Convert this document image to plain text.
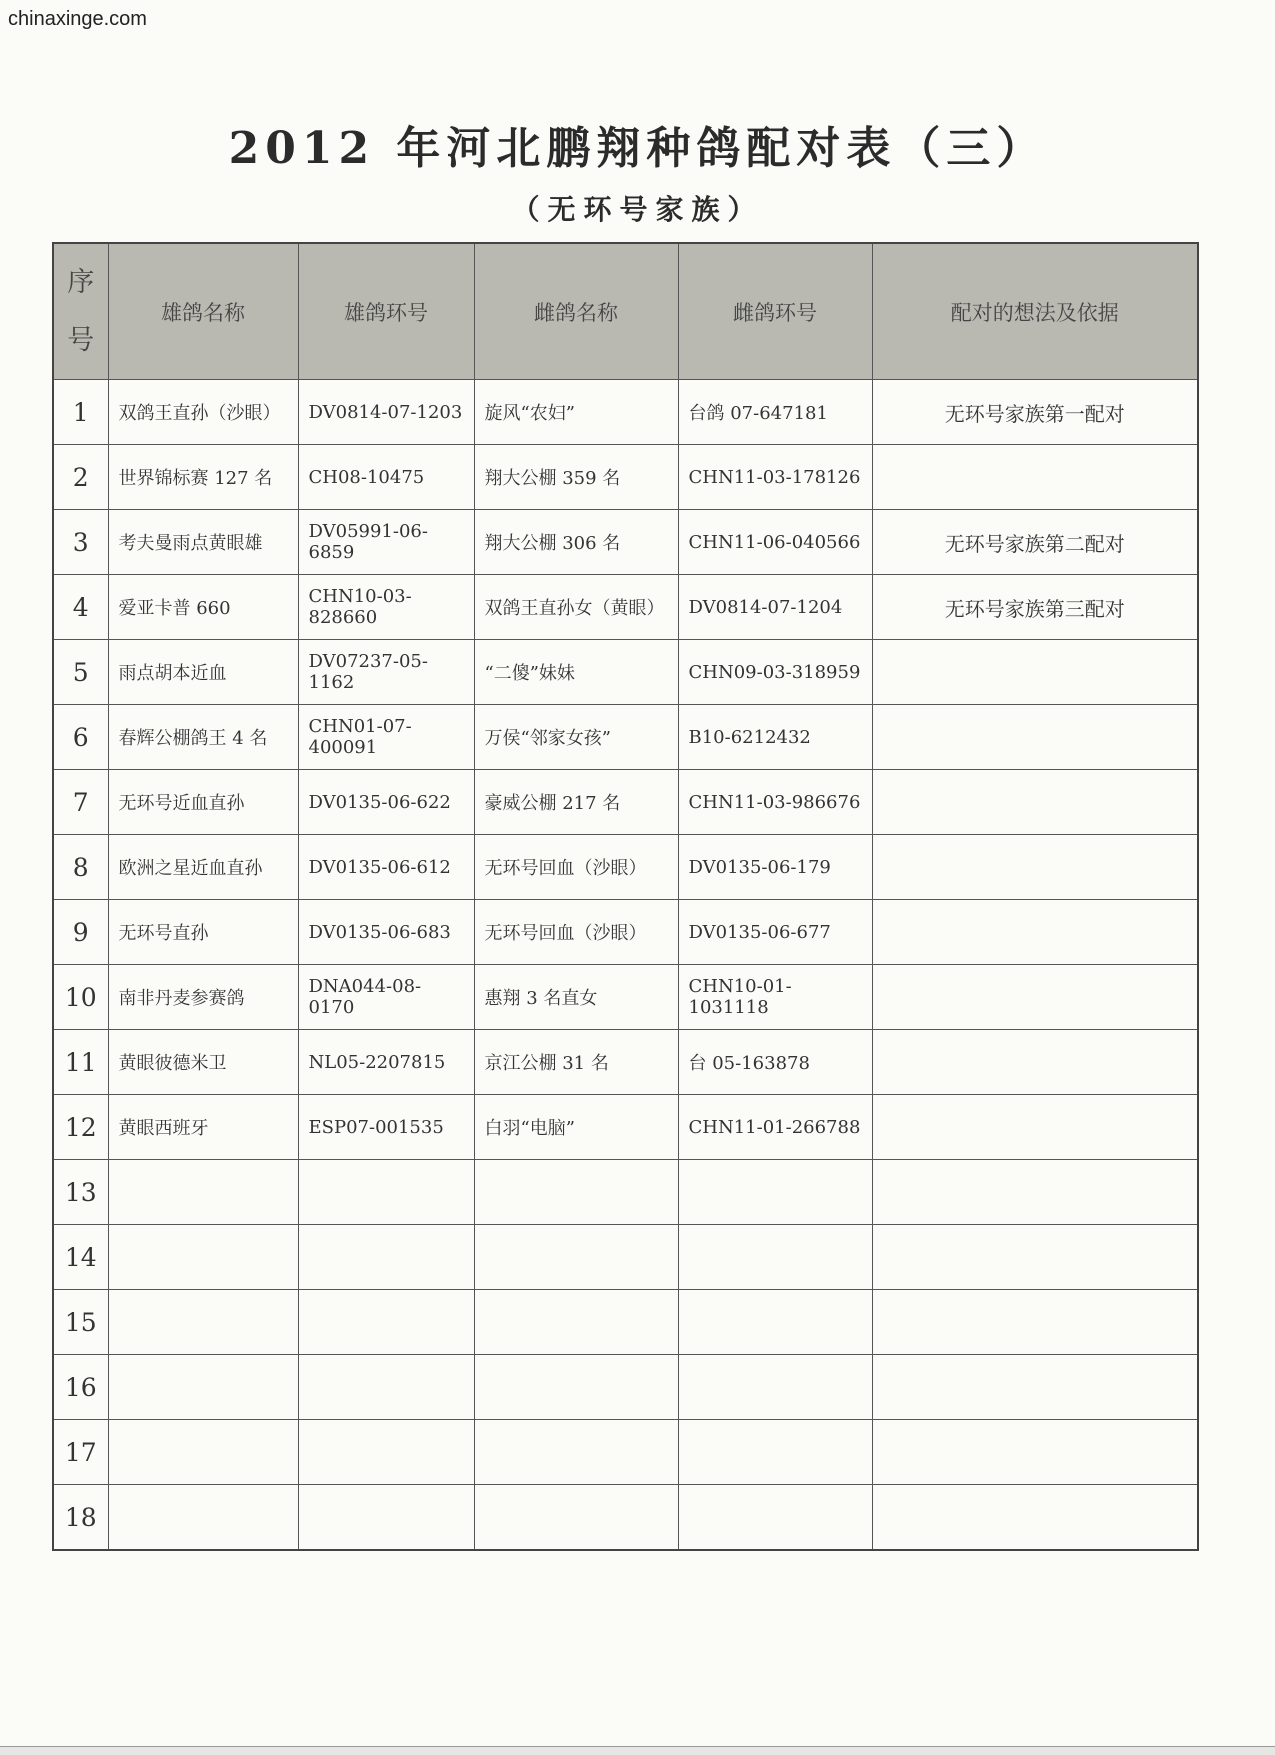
chinaxinge.com
2012 年河北鹏翔种鸽配对表（三）
（无环号家族）
序
号	雄鸽名称	雄鸽环号	雌鸽名称	雌鸽环号	配对的想法及依据
1	双鸽王直孙（沙眼）	DV0814-07-1203	旋风“农妇”	台鸽 07-647181	无环号家族第一配对
2	世界锦标赛 127 名	CH08-10475	翔大公棚 359 名	CHN11-03-178126	
3	考夫曼雨点黄眼雄	DV05991-06-6859	翔大公棚 306 名	CHN11-06-040566	无环号家族第二配对
4	爱亚卡普 660	CHN10-03-828660	双鸽王直孙女（黄眼）	DV0814-07-1204	无环号家族第三配对
5	雨点胡本近血	DV07237-05-1162	“二傻”妹妹	CHN09-03-318959	
6	春辉公棚鸽王 4 名	CHN01-07-400091	万侯“邻家女孩”	B10-6212432	
7	无环号近血直孙	DV0135-06-622	豪威公棚 217 名	CHN11-03-986676	
8	欧洲之星近血直孙	DV0135-06-612	无环号回血（沙眼）	DV0135-06-179	
9	无环号直孙	DV0135-06-683	无环号回血（沙眼）	DV0135-06-677	
10	南非丹麦参赛鸽	DNA044-08-0170	惠翔 3 名直女	CHN10-01-1031118	
11	黄眼彼德米卫	NL05-2207815	京江公棚 31 名	台 05-163878	
12	黄眼西班牙	ESP07-001535	白羽“电脑”	CHN11-01-266788	
13					
14					
15					
16					
17					
18					
